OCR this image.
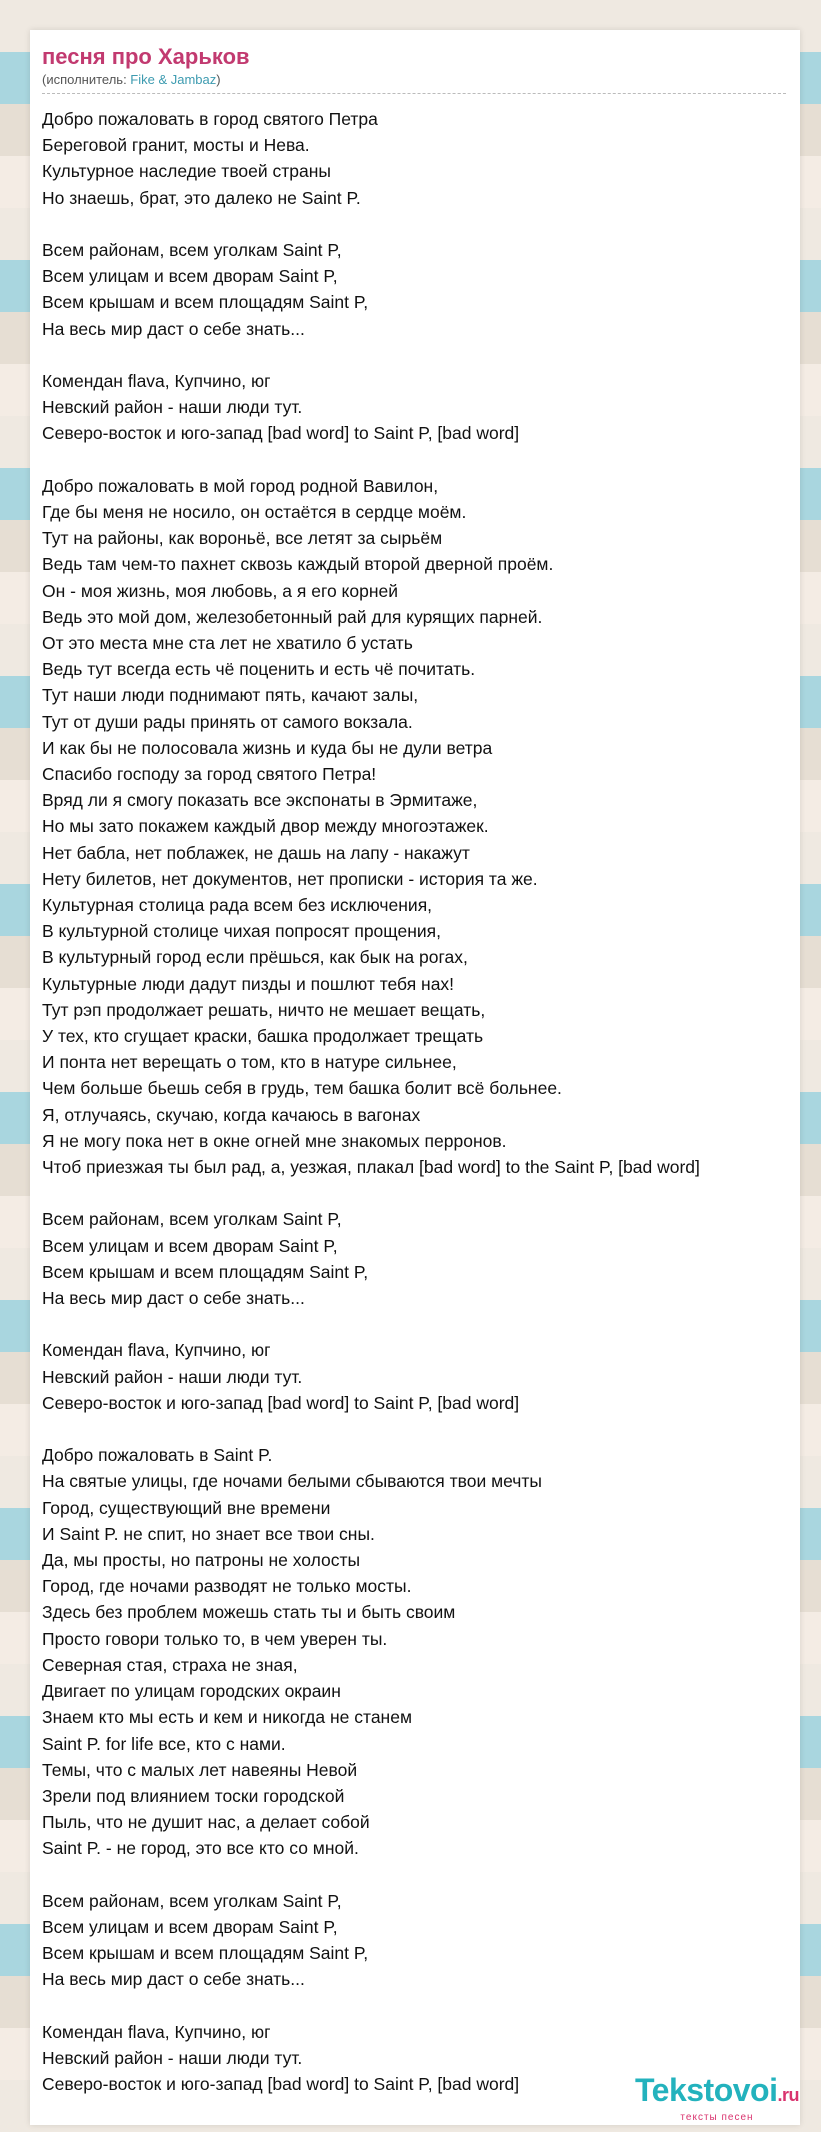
песня про Харьков
(исполнитель: Fike & Jambaz)
Добро пожаловать в город святого Петра
Береговой гранит, мосты и Нева.
Культурное наследие твоей страны
Но знаешь, брат, это далеко не Saint P.
Всем районам, всем уголкам Saint P,
Всем улицам и всем дворам Saint P,
Всем крышам и всем площадям Saint P,
На весь мир даст о себе знать...
Коменда﻿н flava, Купчино, юг
Невский район - наши люди тут.
Северо-восток и юго-запад [bad word] to Saint P, [bad word]
Добро пожаловать в мой город родной Вавилон,
Где бы меня не носило, он остаётся в сердце моём.
Тут на районы, как вороньё, все летят за сырьём
Ведь там чем-то пахнет сквозь каждый второй дверной проём.
Он - моя жизнь, моя любовь, а я его корней
Ведь это мой дом, железобетонный рай для курящих парней.
От это места мне ста лет не хватило б устать
Ведь тут всегда есть чё поценить и есть чё почитать.
Тут наши люди поднимают пять, качают залы,
Тут от души рады принять от самого вокзала.
И как бы не полосовала жизнь и куда бы не дули ветра
Спасибо господу за город святого Петра!
Вряд ли я смогу показать все экспонаты в Эрмитаже,
Но мы зато покажем каждый двор между многоэтажек.
Нет бабла, нет поблажек, не дашь на лапу - накажут
Нету билетов, нет документов, нет прописки - история та же.
Культурная столица рада всем без исключения,
В культурной столице чихая попросят прощения,
В культурный город если прёшься, как бык на рогах,
Культурные люди дадут пизды и пошлют тебя нах!
Тут рэп продолжает решать, ничто не мешает вещать,
У тех, кто сгущает краски, башка продолжает трещать
И понта нет верещать о том, кто в натуре сильнее,
Чем больше бьешь себя в грудь, тем башка болит всё больнее.
Я, отлучаясь, скучаю, когда качаюсь в вагонах
Я не могу пока нет в окне огней мне знакомых перронов.
Чтоб приезжая ты был рад, а, уезжая, плакал [bad word] to the Saint P, [bad word]
Всем районам, всем уголкам Saint P,
Всем улицам и всем дворам Saint P,
Всем крышам и всем площадям Saint P,
На весь мир даст о себе знать...
Комендан flava, Купчино, юг
Невский район - наши люди тут.
Северо-восток и юго-запад [bad word] to Saint P, [bad word]
Добро пожаловать в Saint P.
На святые улицы, где ночами белыми сбываются твои мечты
Город, существующий вне времени
И Saint P. не спит, но знает все твои сны.
Да, мы просты, но патроны не холосты
Город, где ночами разводят не только мосты.
Здесь без проблем можешь стать ты и быть своим
Просто говори только то, в чем уверен ты.
Северная стая, страха не зная,
Двигает по улицам городских окраин
Знаем кто мы есть и кем и никогда не станем
Saint P. for life все, кто с нами.
Темы, что с малых лет навеяны Невой
Зрели под влиянием тоски городской
Пыль, что не душит нас, а делает собой
Saint P. - не город, это все кто со мной.
Всем районам, всем уголкам Saint P,
Всем улицам и всем дворам Saint P,
Всем крышам и всем площадям Saint P,
На весь мир даст о себе знать...
Комендан flava, Купчино, юг
Невский район - наши люди тут.
Северо-восток и юго-запад [bad word] to Saint P, [bad word]	Tekstovoi.ru
тексты песен
